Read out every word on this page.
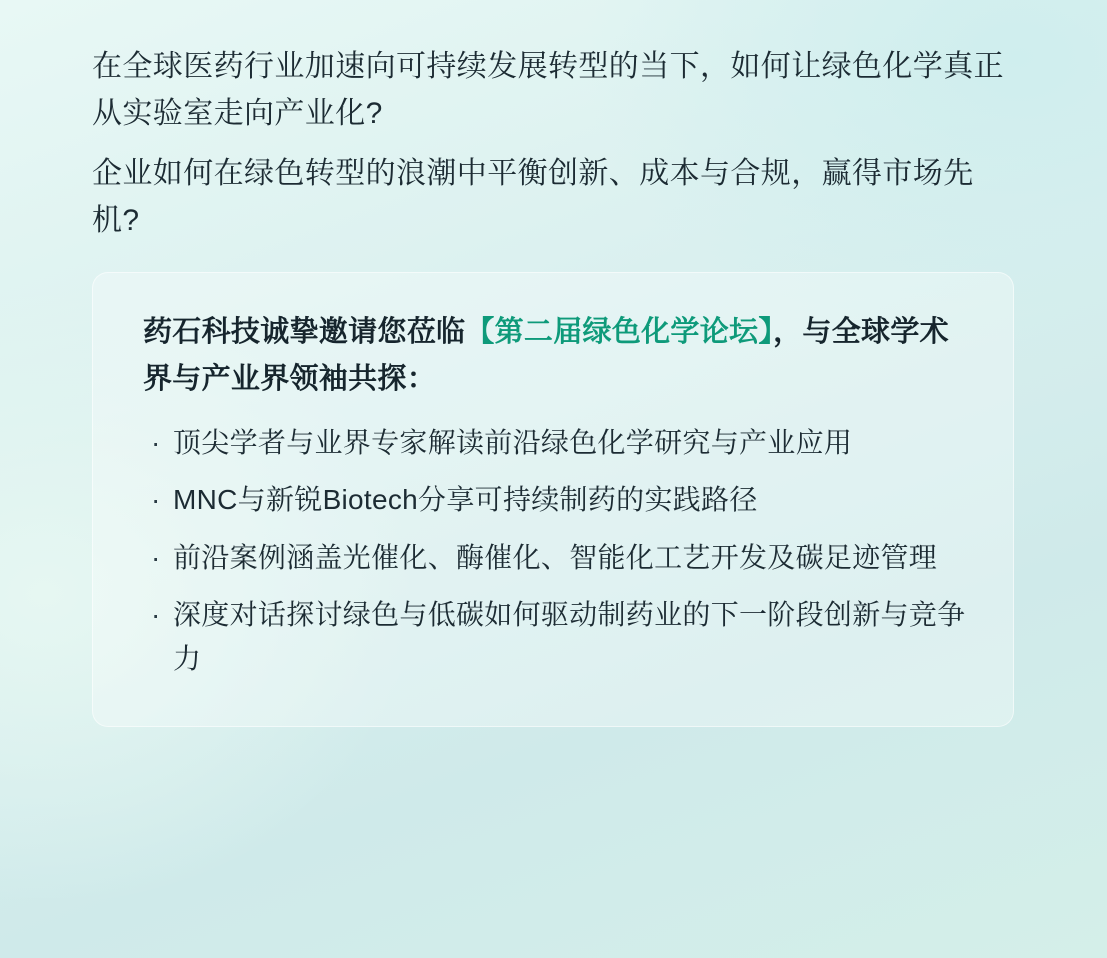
在全球医药行业加速向可持续发展转型的当下，如何让绿色化学真正从实验室走向产业化?

企业如何在绿色转型的浪潮中平衡创新、成本与合规，赢得市场先机?

药石科技诚挚邀请您莅临【第二届绿色化学论坛】，与全球学术界与产业界领袖共探：
· 顶尖学者与业界专家解读前沿绿色化学研究与产业应用
· MNC与新锐Biotech分享可持续制药的实践路径
· 前沿案例涵盖光催化、酶催化、智能化工艺开发及碳足迹管理
· 深度对话探讨绿色与低碳如何驱动制药业的下一阶段创新与竞争力
